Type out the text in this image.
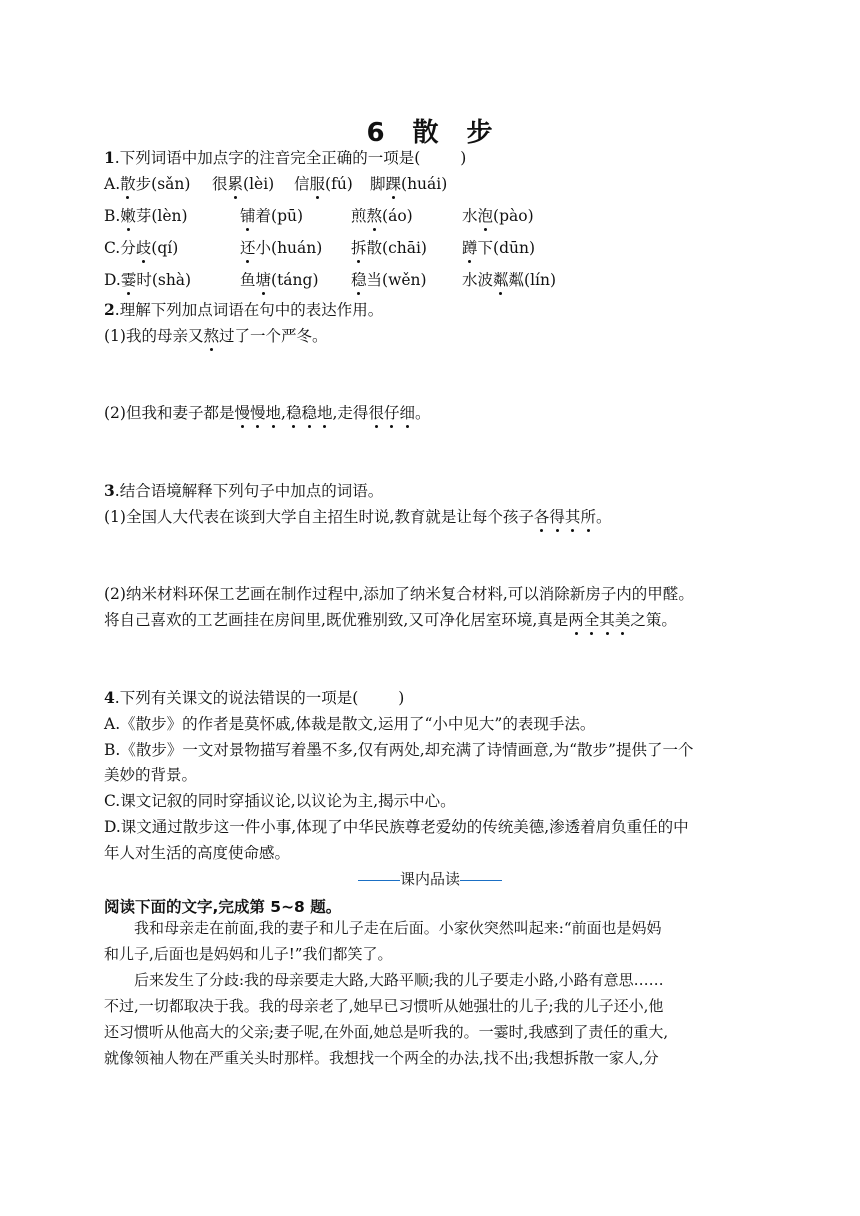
6　散　步
1.下列词语中加点字的注音完全正确的一项是(	)
A.散步(sǎn) 很累(lèi) 信服(fú) 脚踝(huái)
B.嫩芽(lèn)	铺着(pū)	煎熬(áo)	水泡(pào)
C.分歧(qí)	还小(huán) 拆散(chāi) 蹲下(dūn)
D.霎时(shà)	鱼塘(táng) 稳当(wěn) 水波粼粼(lín)
2.理解下列加点词语在句中的表达作用。
(1)我的母亲又熬过了一个严冬。
(2)但我和妻子都是慢慢地,稳稳地,走得很仔细。
3.结合语境解释下列句子中加点的词语。
(1)全国人大代表在谈到大学自主招生时说,教育就是让每个孩子各得其所。
(2)纳米材料环保工艺画在制作过程中,添加了纳米复合材料,可以消除新房子内的甲醛。
将自己喜欢的工艺画挂在房间里,既优雅别致,又可净化居室环境,真是两全其美之策。
4.下列有关课文的说法错误的一项是(	)
A.《散步》的作者是莫怀戚,体裁是散文,运用了“小中见大”的表现手法。
B.《散步》一文对景物描写着墨不多,仅有两处,却充满了诗情画意,为“散步”提供了一个
美妙的背景。
C.课文记叙的同时穿插议论,以议论为主,揭示中心。
D.课文通过散步这一件小事,体现了中华民族尊老爱幼的传统美德,渗透着肩负重任的中
年人对生活的高度使命感。
课内品读
阅读下面的文字,完成第 5~8 题。
我和母亲走在前面,我的妻子和儿子走在后面。小家伙突然叫起来:“前面也是妈妈
和儿子,后面也是妈妈和儿子!”我们都笑了。
后来发生了分歧:我的母亲要走大路,大路平顺;我的儿子要走小路,小路有意思……
不过,一切都取决于我。我的母亲老了,她早已习惯听从她强壮的儿子;我的儿子还小,他
还习惯听从他高大的父亲;妻子呢,在外面,她总是听我的。一霎时,我感到了责任的重大,
就像领袖人物在严重关头时那样。我想找一个两全的办法,找不出;我想拆散一家人,分
